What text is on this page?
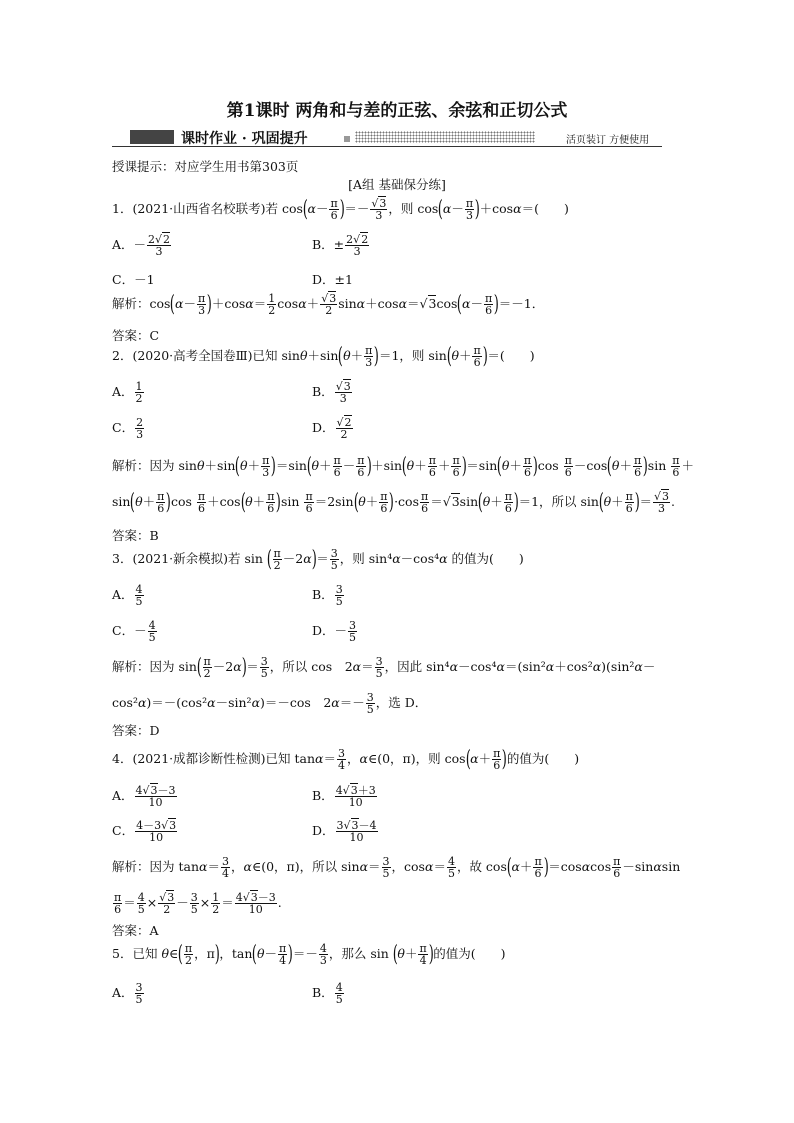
第1课时 两角和与差的正弦、余弦和正切公式
课时作业 · 巩固提升	活页装订 方便使用
授课提示：对应学生用书第303页
[A组 基础保分练]
1．(2021·山西省名校联考)若 $\cos(\alpha- \frac{\pi}{6}$ )＝－ $\frac{√3}{3}$ ，则 $\cos(\alpha- \frac{\pi}{3} )+\cos\alpha=$(　　)
A．－ $\frac{2√2}{3}$	B．± $\frac{2√2}{3}$
C．－1	D．±1
解析：$\cos(\alpha- \frac{\pi}{3} )+\cos\alpha= \frac{1}{2} \cos\alpha+ \frac{√3}{2} \sin\alpha+\cos\alpha=√3\cos(\alpha- \frac{\pi}{6} )=-1$．
答案：C
2．(2020·高考全国卷Ⅲ)已知 $\sin\theta+\sin(\theta+ \frac{\pi}{3} )=1$，则 $\sin(\theta+ \frac{\pi}{6}$ )＝(　　)
A． $\frac{1}{2}$	B． $\frac{√3}{3}$
C． $\frac{2}{3}$	D． $\frac{√2}{2}$
解析：因为 $\sin\theta+\sin(\theta+ \frac{\pi}{3} )=\sin(\theta+ \frac{\pi}{6} - \frac{\pi}{6} )+\sin(\theta+ \frac{\pi}{6} + \frac{\pi}{6} )=\sin(\theta+ \frac{\pi}{6} )\cos \frac{\pi}{6} -\cos(\theta+ \frac{\pi}{6} )\sin \frac{\pi}{6}$ ＋
$\sin(\theta+ \frac{\pi}{6} )\cos \frac{\pi}{6} +\cos(\theta+ \frac{\pi}{6} )\sin \frac{\pi}{6} =2\sin(\theta+ \frac{\pi}{6} )\cdot\cos \frac{\pi}{6} =√3\sin(\theta+ \frac{\pi}{6} )=1$，所以 $\sin(\theta+ \frac{\pi}{6}$ )＝ $\frac{√3}{3}$ .
答案：B
3．(2021·新余模拟)若 sin ( $\frac{\pi}{2} -2\alpha)= \frac{3}{5}$ ，则 sin⁴α－cos⁴α 的值为(　　)
A． $\frac{4}{5}$	B． $\frac{3}{5}$
C．－ $\frac{4}{5}$	D．－ $\frac{3}{5}$
解析：因为 $\sin( \frac{\pi}{2} -2\alpha)= \frac{3}{5}$ ，所以 cos　$2\alpha= \frac{3}{5}$ ，因此 sin⁴α－cos⁴α＝(sin²α＋cos²α)(sin²α－
cos²α)＝－(cos²α－sin²α)＝－cos　$2\alpha=- \frac{3}{5}$ ，选 D．
答案：D
4．(2021·成都诊断性检测)已知 $\tan\alpha= \frac{3}{4}$ ，α∈(0，π)，则 $\cos(\alpha+ \frac{\pi}{6}$ )的值为(　　)
A． $\frac{4√3-3}{10}$	B． $\frac{4√3+3}{10}$
C． $\frac{4-3√3}{10}$	D． $\frac{3√3-4}{10}$
解析：因为 $\tan\alpha= \frac{3}{4}$ ，α∈(0，π)，所以 $\sin\alpha= \frac{3}{5}$ ，$\cos\alpha= \frac{4}{5}$ ，故 $\cos(\alpha+ \frac{\pi}{6} )=\cos\alpha\cos \frac{\pi}{6} -\sin\alpha\sin$
$\frac{\pi}{6} = \frac{4}{5} \times \frac{√3}{2} - \frac{3}{5} \times \frac{1}{2} = \frac{4√3-3}{10}$ .
答案：A
5．已知 θ∈( $\frac{\pi}{2}$ ，π)，$\tan(\theta- \frac{\pi}{4}$ )＝－ $\frac{4}{3}$ ，那么 $\sin (\theta+ \frac{\pi}{4}$ )的值为(　　)
A． $\frac{3}{5}$	B． $\frac{4}{5}$
